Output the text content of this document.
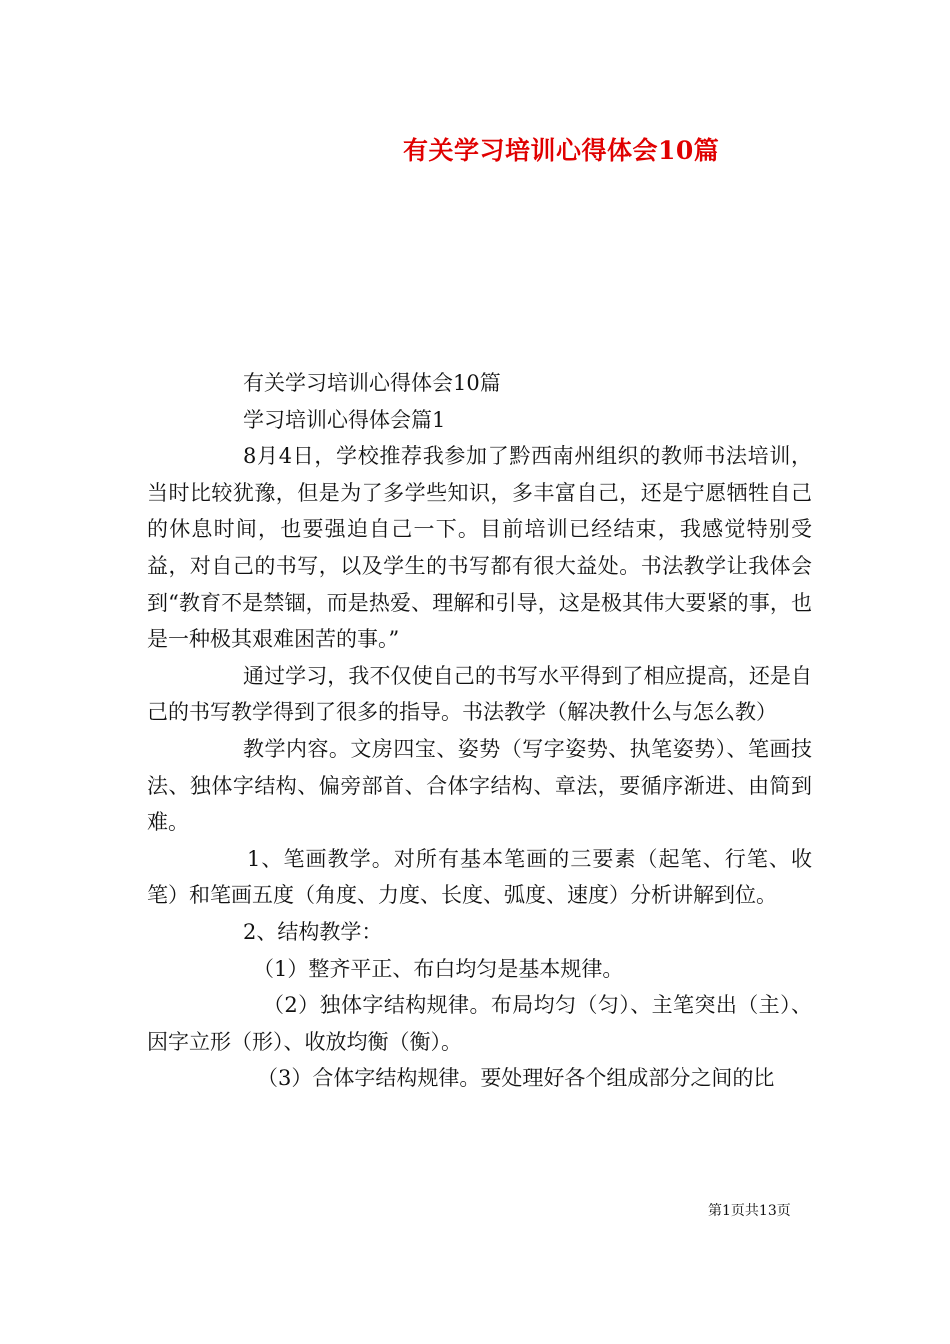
有关学习培训心得体会10篇

有关学习培训心得体会10篇

学习培训心得体会篇1

8月4日，学校推荐我参加了黔西南州组织的教师书法培训，当时比较犹豫，但是为了多学些知识，多丰富自己，还是宁愿牺牲自己的休息时间，也要强迫自己一下。目前培训已经结束，我感觉特别受益，对自己的书写，以及学生的书写都有很大益处。书法教学让我体会到“教育不是禁锢，而是热爱、理解和引导，这是极其伟大要紧的事，也是一种极其艰难困苦的事。”

通过学习，我不仅使自己的书写水平得到了相应提高，还是自己的书写教学得到了很多的指导。书法教学（解决教什么与怎么教）

教学内容。文房四宝、姿势（写字姿势、执笔姿势）、笔画技法、独体字结构、偏旁部首、合体字结构、章法，要循序渐进、由简到难。

1、笔画教学。对所有基本笔画的三要素（起笔、行笔、收笔）和笔画五度（角度、力度、长度、弧度、速度）分析讲解到位。

2、结构教学：

（1）整齐平正、布白均匀是基本规律。

（2）独体字结构规律。布局均匀（匀）、主笔突出（主）、因字立形（形）、收放均衡（衡）。

（3）合体字结构规律。要处理好各个组成部分之间的比

第1页共13页
